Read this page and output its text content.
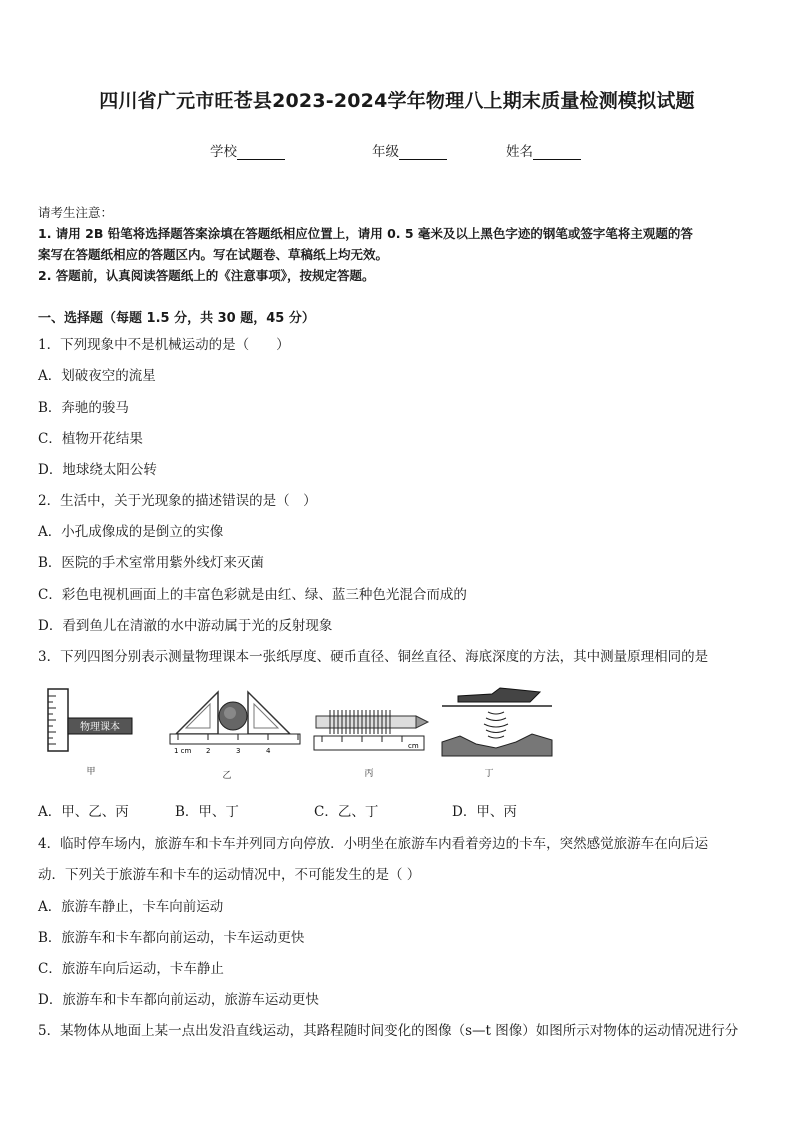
四川省广元市旺苍县2023-2024学年物理八上期末质量检测模拟试题
学校	年级	姓名
请考生注意：
1. 请用 2B 铅笔将选择题答案涂填在答题纸相应位置上，请用 0. 5 毫米及以上黑色字迹的钢笔或签字笔将主观题的答
案写在答题纸相应的答题区内。写在试题卷、草稿纸上均无效。
2. 答题前，认真阅读答题纸上的《注意事项》，按规定答题。
一、选择题（每题 1.5 分，共 30 题，45 分）
1．下列现象中不是机械运动的是（　　）
A．划破夜空的流星
B．奔驰的骏马
C．植物开花结果
D．地球绕太阳公转
2．生活中，关于光现象的描述错误的是（　）
A．小孔成像成的是倒立的实像
B．医院的手术室常用紫外线灯来灭菌
C．彩色电视机画面上的丰富色彩就是由红、绿、蓝三种色光混合而成的
D．看到鱼儿在清澈的水中游动属于光的反射现象
3．下列四图分别表示测量物理课本一张纸厚度、硬币直径、铜丝直径、海底深度的方法，其中测量原理相同的是
物理课本
甲
1 cm 2	3	4
乙
cm
丙	丁
A．甲、乙、丙	B．甲、丁	C．乙、丁	D．甲、丙
4．临时停车场内，旅游车和卡车并列同方向停放．小明坐在旅游车内看着旁边的卡车，突然感觉旅游车在向后运
动．下列关于旅游车和卡车的运动情况中，不可能发生的是（ ）
A．旅游车静止，卡车向前运动
B．旅游车和卡车都向前运动，卡车运动更快
C．旅游车向后运动，卡车静止
D．旅游车和卡车都向前运动，旅游车运动更快
5．某物体从地面上某一点出发沿直线运动，其路程随时间变化的图像（s—t 图像）如图所示对物体的运动情况进行分
